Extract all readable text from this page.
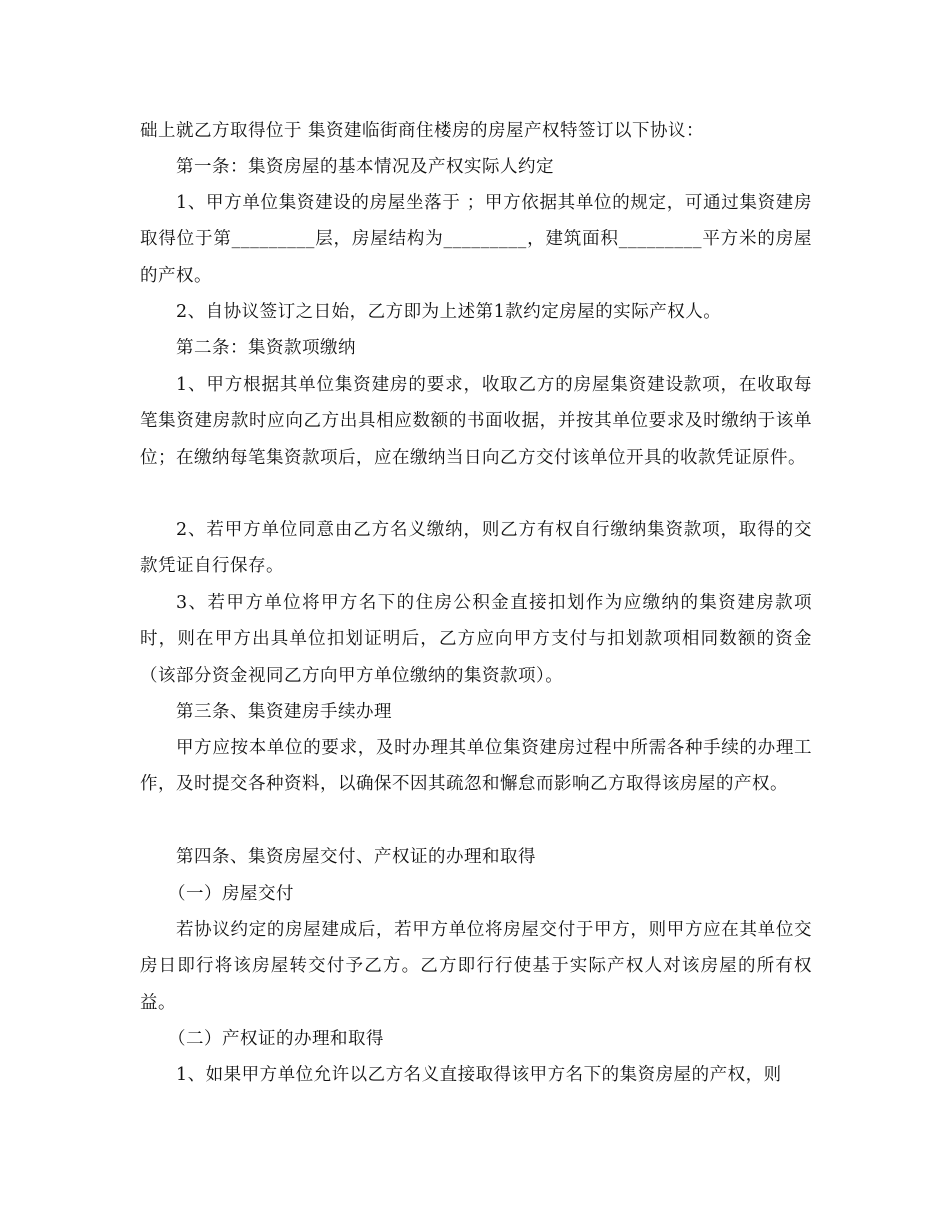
础上就乙方取得位于 集资建临街商住楼房的房屋产权特签订以下协议：

第一条：集资房屋的基本情况及产权实际人约定

1、甲方单位集资建设的房屋坐落于 ；甲方依据其单位的规定，可通过集资建房取得位于第_________层，房屋结构为_________，建筑面积_________平方米的房屋的产权。

2、自协议签订之日始，乙方即为上述第1款约定房屋的实际产权人。

第二条：集资款项缴纳

1、甲方根据其单位集资建房的要求，收取乙方的房屋集资建设款项，在收取每笔集资建房款时应向乙方出具相应数额的书面收据，并按其单位要求及时缴纳于该单位；在缴纳每笔集资款项后，应在缴纳当日向乙方交付该单位开具的收款凭证原件。

2、若甲方单位同意由乙方名义缴纳，则乙方有权自行缴纳集资款项，取得的交款凭证自行保存。

3、若甲方单位将甲方名下的住房公积金直接扣划作为应缴纳的集资建房款项时，则在甲方出具单位扣划证明后，乙方应向甲方支付与扣划款项相同数额的资金（该部分资金视同乙方向甲方单位缴纳的集资款项）。

第三条、集资建房手续办理

甲方应按本单位的要求，及时办理其单位集资建房过程中所需各种手续的办理工作，及时提交各种资料，以确保不因其疏忽和懈怠而影响乙方取得该房屋的产权。

第四条、集资房屋交付、产权证的办理和取得

（一）房屋交付

若协议约定的房屋建成后，若甲方单位将房屋交付于甲方，则甲方应在其单位交房日即行将该房屋转交付予乙方。乙方即行行使基于实际产权人对该房屋的所有权益。

（二）产权证的办理和取得

1、如果甲方单位允许以乙方名义直接取得该甲方名下的集资房屋的产权，则
